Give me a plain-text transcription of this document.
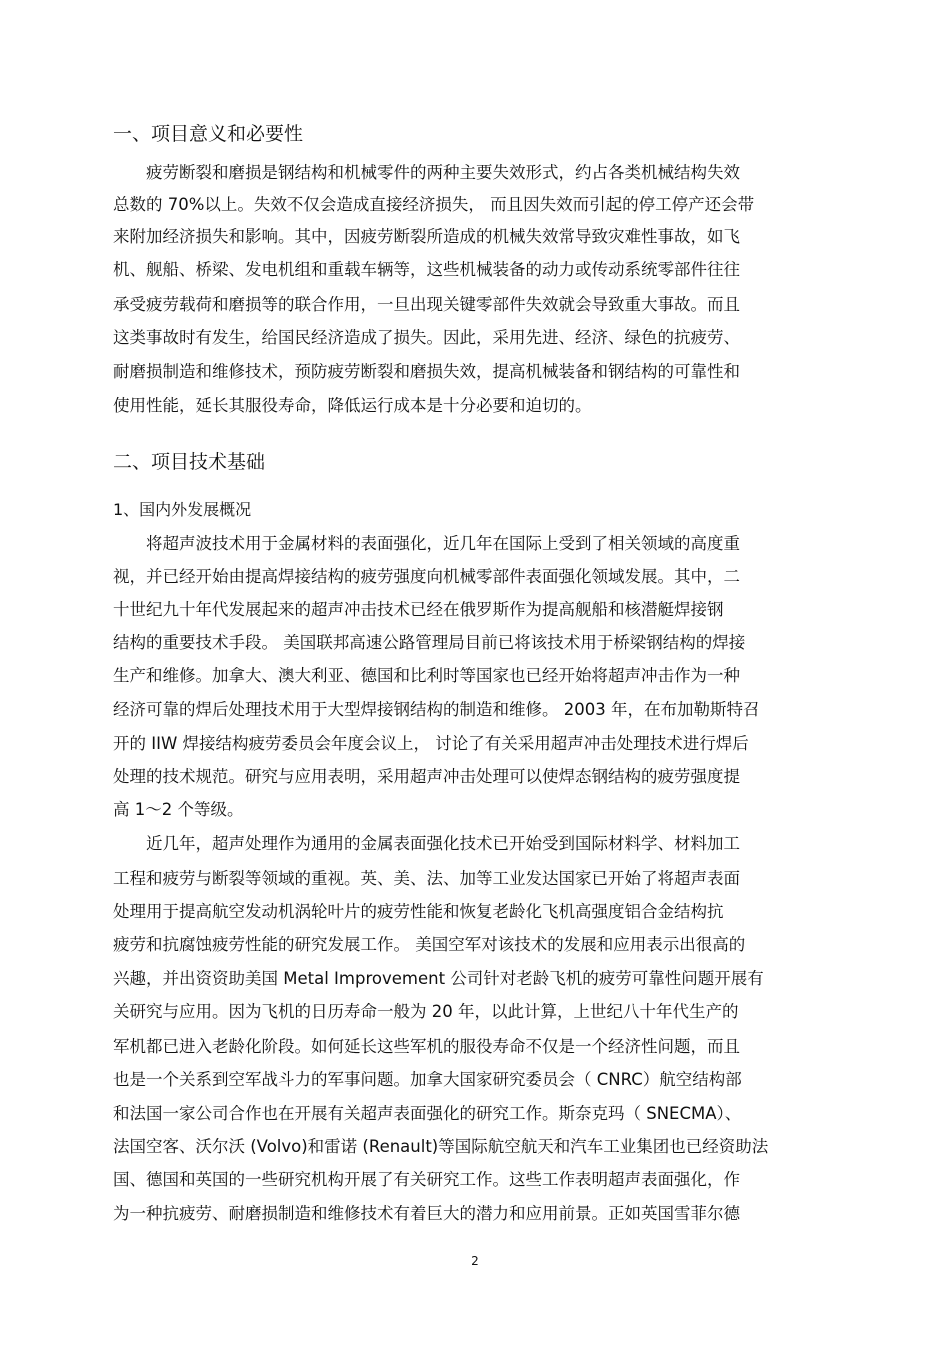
一、项目意义和必要性

疲劳断裂和磨损是钢结构和机械零件的两种主要失效形式，约占各类机械结构失效

总数的 70%以上。失效不仅会造成直接经济损失， 而且因失效而引起的停工停产还会带

来附加经济损失和影响。其中，因疲劳断裂所造成的机械失效常导致灾难性事故，如飞

机、舰船、桥梁、发电机组和重载车辆等，这些机械装备的动力或传动系统零部件往往

承受疲劳载荷和磨损等的联合作用，一旦出现关键零部件失效就会导致重大事故。而且

这类事故时有发生，给国民经济造成了损失。因此，采用先进、经济、绿色的抗疲劳、

耐磨损制造和维修技术，预防疲劳断裂和磨损失效，提高机械装备和钢结构的可靠性和

使用性能，延长其服役寿命，降低运行成本是十分必要和迫切的。

二、项目技术基础

1、国内外发展概况

将超声波技术用于金属材料的表面强化，近几年在国际上受到了相关领域的高度重

视，并已经开始由提高焊接结构的疲劳强度向机械零部件表面强化领域发展。其中，二

十世纪九十年代发展起来的超声冲击技术已经在俄罗斯作为提高舰船和核潜艇焊接钢

结构的重要技术手段。 美国联邦高速公路管理局目前已将该技术用于桥梁钢结构的焊接

生产和维修。加拿大、澳大利亚、德国和比利时等国家也已经开始将超声冲击作为一种

经济可靠的焊后处理技术用于大型焊接钢结构的制造和维修。 2003 年，在布加勒斯特召

开的 IIW 焊接结构疲劳委员会年度会议上， 讨论了有关采用超声冲击处理技术进行焊后

处理的技术规范。研究与应用表明，采用超声冲击处理可以使焊态钢结构的疲劳强度提

高 1～2 个等级。

近几年，超声处理作为通用的金属表面强化技术已开始受到国际材料学、材料加工

工程和疲劳与断裂等领域的重视。英、美、法、加等工业发达国家已开始了将超声表面

处理用于提高航空发动机涡轮叶片的疲劳性能和恢复老龄化飞机高强度铝合金结构抗

疲劳和抗腐蚀疲劳性能的研究发展工作。 美国空军对该技术的发展和应用表示出很高的

兴趣，并出资资助美国 Metal Improvement 公司针对老龄飞机的疲劳可靠性问题开展有

关研究与应用。因为飞机的日历寿命一般为 20 年，以此计算，上世纪八十年代生产的

军机都已进入老龄化阶段。如何延长这些军机的服役寿命不仅是一个经济性问题，而且

也是一个关系到空军战斗力的军事问题。加拿大国家研究委员会（ CNRC）航空结构部

和法国一家公司合作也在开展有关超声表面强化的研究工作。斯奈克玛（ SNECMA）、

法国空客、沃尔沃 (Volvo)和雷诺 (Renault)等国际航空航天和汽车工业集团也已经资助法

国、德国和英国的一些研究机构开展了有关研究工作。这些工作表明超声表面强化，作

为一种抗疲劳、耐磨损制造和维修技术有着巨大的潜力和应用前景。正如英国雪菲尔德

2
